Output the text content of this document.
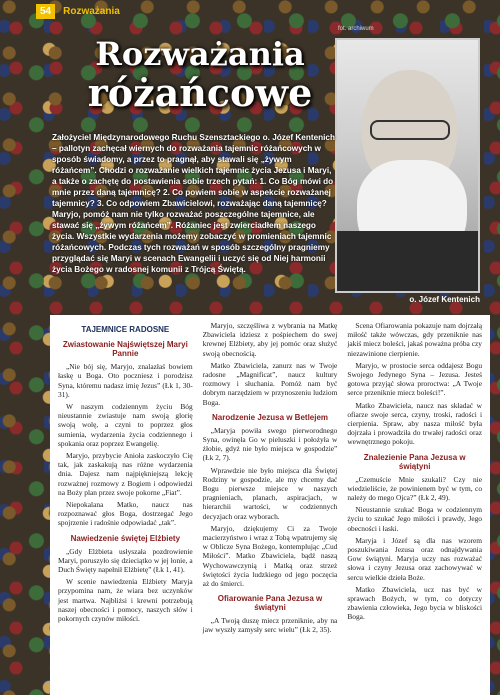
54	Rozważania
fot. archiwum
Rozważania
różańcowe
o. Józef Kentenich

Założyciel Międzynarodowego Ruchu Szensztackiego o. Józef Kentenich – pallotyn zachęcał wiernych do rozważania tajemnic różańcowych w sposób świadomy, a przez to pragnął, aby stawali się „żywym różańcem”. Chodzi o rozważanie wielkich tajemnic życia Jezusa i Maryi, a także o zachętę do postawienia sobie trzech pytań: 1. Co Bóg mówi do mnie przez daną tajemnicę? 2. Co powiem sobie w aspekcie rozważanej tajemnicy? 3. Co odpowiem Zbawicielowi, rozważając daną tajemnicę? Maryjo, pomóż nam nie tylko rozważać poszczególne tajemnice, ale stawać się „żywym różańcem”. Różaniec jest zwierciadłem naszego życia. Wszystkie wydarzenia możemy zobaczyć w promieniach tajemnic różańcowych. Podczas tych rozważań w sposób szczególny pragniemy przyglądać się Maryi w scenach Ewangelii i uczyć się od Niej harmonii życia Bożego w radosnej komunii z Trójcą Świętą.

TAJEMNICE RADOSNE
Zwiastowanie Najświętszej Maryi Pannie

„Nie bój się, Maryjo, znalazłaś bowiem łaskę u Boga. Oto poczniesz i porodzisz Syna, któremu nadasz imię Jezus” (Łk 1, 30-31).

W naszym codziennym życiu Bóg nieustannie zwiastuje nam swoją glorię swoją wolę, a czyni to poprzez głos sumienia, wydarzenia życia codziennego i spokania oraz poprzez Ewangelię.

Maryjo, przybycie Anioła zaskoczyło Cię tak, jak zaskakują nas różne wydarzenia dnia. Dajesz nam najpiękniejszą lekcję rozważnej rozmowy z Bogiem i odpowiedzi na Boży plan przez swoje pokorne „Fiat”.

Niepokalana Matko, naucz nas rozpoznawać głos Boga, dostrzegać Jego spojrzenie i radośnie odpowiadać „tak”.

Nawiedzenie świętej Elżbiety

„Gdy Elżbieta usłyszała pozdrowienie Maryi, poruszyło się dzieciątko w jej łonie, a Duch Święty napełnił Elżbietę” (Łk 1, 41).

W scenie nawiedzenia Elżbiety Maryja przypomina nam, że wiara bez uczynków jest martwa. Najbliżsi i krewni potrzebują naszej obecności i pomocy, naszych słów i pokornych czynów miłości.

Maryjo, szczęśliwa z wybrania na Matkę Zbawiciela idziesz z pośpiechem do swej krewnej Elżbiety, aby jej pomóc oraz służyć swoją obecnością.

Matko Zbawiciela, zanurz nas w Twoje radosne „Magnificat”, naucz kultury rozmowy i słuchania. Pomóż nam być dobrym narzędziem w przynoszeniu ludziom Boga.

Narodzenie Jezusa w Betlejem

„Maryja powiła swego pierworodnego Syna, owinęła Go w pieluszki i położyła w żłobie, gdyż nie było miejsca w gospodzie” (Łk 2, 7).

Wprawdzie nie było miejsca dla Świętej Rodziny w gospodzie, ale my chcemy dać Bogu pierwsze miejsce w naszych pragnieniach, planach, aspiracjach, w hierarchii wartości, w codziennych decyzjach oraz wyborach.

Maryjo, dziękujemy Ci za Twoje macierzyństwo i wraz z Tobą wpatrujemy się w Oblicze Syna Bożego, kontemplując „Cud Miłości”. Matko Zbawiciela, bądź naszą Wychowawczynią i Matką oraz strzeż świętości życia ludzkiego od jego poczęcia aż do śmierci.

Ofiarowanie Pana Jezusa w świątyni

„A Twoją duszę miecz przeniknie, aby na jaw wyszły zamysły serc wielu” (Łk 2, 35).

Scena Ofiarowania pokazuje nam dojrzałą miłość także wówczas, gdy przeniknie nas jakiś miecz boleści, jakaś poważna próba czy niezawinione cierpienie.

Maryjo, w prostocie serca oddajesz Bogu Swojego Jedynego Syna – Jezusa. Jesteś gotowa przyjąć słowa proroctwa: „A Twoje serce przeniknie miecz boleści!”.

Matko Zbawiciela, naucz nas składać w ofiarze swoje serca, czyny, troski, radości i cierpienia. Spraw, aby nasza miłość była dojrzała i prowadziła do trwałej radości oraz wewnętrznego pokoju.

Znalezienie Pana Jezusa w świątyni

„Czemuście Mnie szukali? Czy nie wiedzieliście, że powinienem być w tym, co należy do mego Ojca?” (Łk 2, 49).

Nieustannie szukać Boga w codziennym życiu to szukać Jego miłości i prawdy, Jego obecności i łaski.

Maryja i Józef są dla nas wzorem poszukiwania Jezusa oraz odnajdywania Gow świątyni. Maryja uczy nas rozważać słowa i czyny Jezusa oraz zachowywać w sercu wielkie dzieła Boże.

Matko Zbawiciela, ucz nas być w sprawach Bożych, w tym, co dotyczy zbawienia człowieka, Jego bycia w bliskości Boga.
